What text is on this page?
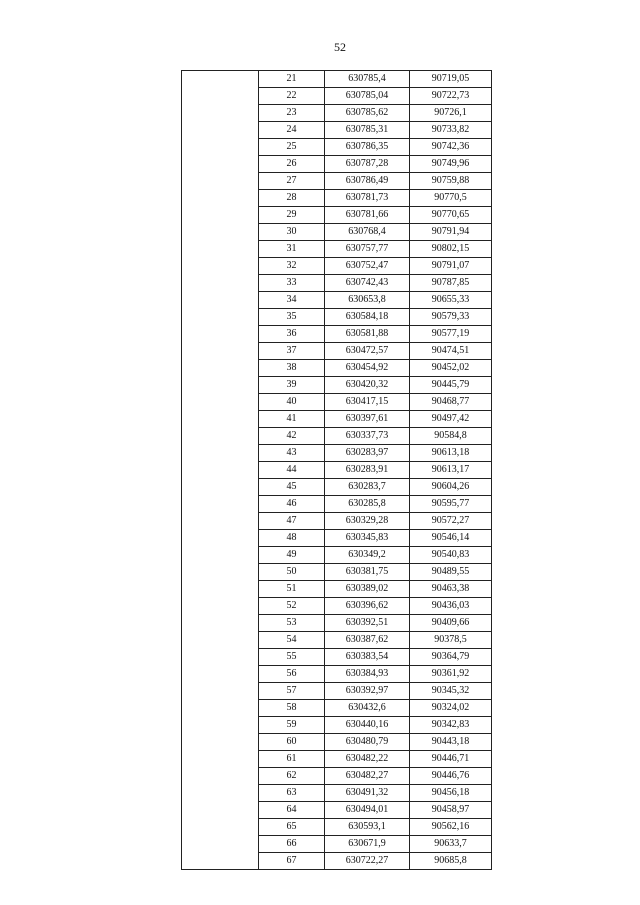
52
	21	630785,4	90719,05
	22	630785,04	90722,73
	23	630785,62	90726,1
	24	630785,31	90733,82
	25	630786,35	90742,36
	26	630787,28	90749,96
	27	630786,49	90759,88
	28	630781,73	90770,5
	29	630781,66	90770,65
	30	630768,4	90791,94
	31	630757,77	90802,15
	32	630752,47	90791,07
	33	630742,43	90787,85
	34	630653,8	90655,33
	35	630584,18	90579,33
	36	630581,88	90577,19
	37	630472,57	90474,51
	38	630454,92	90452,02
	39	630420,32	90445,79
	40	630417,15	90468,77
	41	630397,61	90497,42
	42	630337,73	90584,8
	43	630283,97	90613,18
	44	630283,91	90613,17
	45	630283,7	90604,26
	46	630285,8	90595,77
	47	630329,28	90572,27
	48	630345,83	90546,14
	49	630349,2	90540,83
	50	630381,75	90489,55
	51	630389,02	90463,38
	52	630396,62	90436,03
	53	630392,51	90409,66
	54	630387,62	90378,5
	55	630383,54	90364,79
	56	630384,93	90361,92
	57	630392,97	90345,32
	58	630432,6	90324,02
	59	630440,16	90342,83
	60	630480,79	90443,18
	61	630482,22	90446,71
	62	630482,27	90446,76
	63	630491,32	90456,18
	64	630494,01	90458,97
	65	630593,1	90562,16
	66	630671,9	90633,7
	67	630722,27	90685,8
